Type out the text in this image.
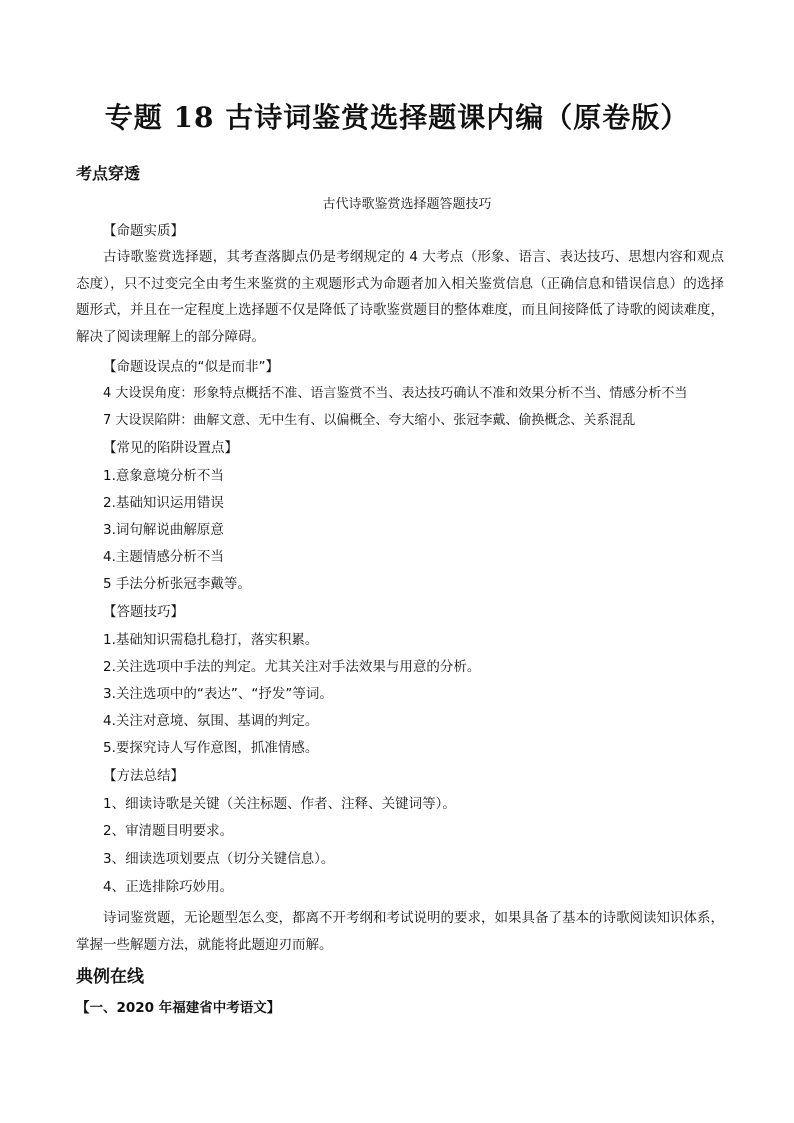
专题 18 古诗词鉴赏选择题课内编（原卷版）
考点穿透
古代诗歌鉴赏选择题答题技巧
【命题实质】
古诗歌鉴赏选择题，其考查落脚点仍是考纲规定的 4 大考点（形象、语言、表达技巧、思想内容和观点态度），只不过变完全由考生来鉴赏的主观题形式为命题者加入相关鉴赏信息（正确信息和错误信息）的选择题形式，并且在一定程度上选择题不仅是降低了诗歌鉴赏题目的整体难度，而且间接降低了诗歌的阅读难度，解决了阅读理解上的部分障碍。
【命题设误点的“似是而非”】
4 大设误角度：形象特点概括不准、语言鉴赏不当、表达技巧确认不准和效果分析不当、情感分析不当
7 大设误陷阱：曲解文意、无中生有、以偏概全、夸大缩小、张冠李戴、偷换概念、关系混乱
【常见的陷阱设置点】
1.意象意境分析不当
2.基础知识运用错误
3.词句解说曲解原意
4.主题情感分析不当
5 手法分析张冠李戴等。
【答题技巧】
1.基础知识需稳扎稳打，落实积累。
2.关注选项中手法的判定。尤其关注对手法效果与用意的分析。
3.关注选项中的“表达”、“抒发”等词。
4.关注对意境、氛围、基调的判定。
5.要探究诗人写作意图，抓准情感。
【方法总结】
1、细读诗歌是关键（关注标题、作者、注释、关键词等）。
2、审清题目明要求。
3、细读选项划要点（切分关键信息）。
4、正选排除巧妙用。
诗词鉴赏题，无论题型怎么变，都离不开考纲和考试说明的要求，如果具备了基本的诗歌阅读知识体系，掌握一些解题方法，就能将此题迎刃而解。
典例在线
【一、2020 年福建省中考语文】
